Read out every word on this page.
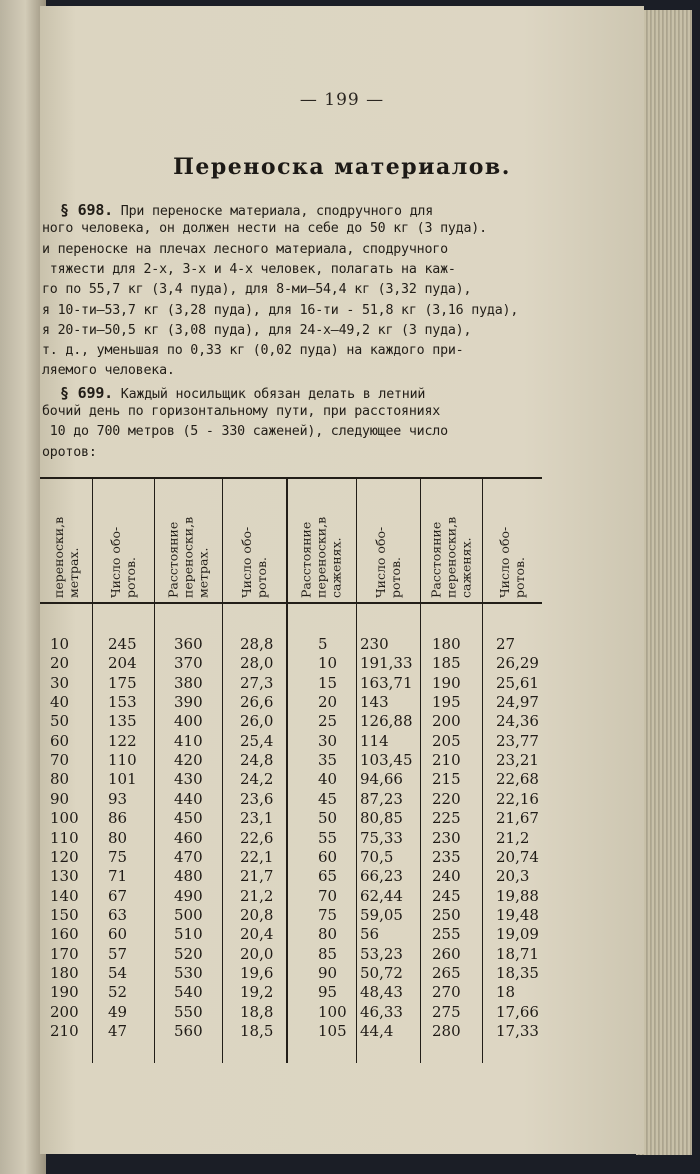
— 199 —
Переноска материалов.
§ 698. При переноске материала, сподручного для
ного человека, он должен нести на себе до 50 кг (3 пуда).
и переноске на плечах лесного материала, сподручного
тяжести для 2-х, 3-х и 4-х человек, полагать на каж-
го по 55,7 кг (3,4 пуда), для 8-ми—54,4 кг (3,32 пуда),
я 10-ти—53,7 кг (3,28 пуда), для 16-ти - 51,8 кг (3,16 пуда),
я 20-ти—50,5 кг (3,08 пуда), для 24-х—49,2 кг (3 пуда),
т. д., уменьшая по 0,33 кг (0,02 пуда) на каждого при-
ляемого человека.
§ 699. Каждый носильщик обязан делать в летний
бочий день по горизонтальному пути, при расстояниях
10 до 700 метров (5 - 330 саженей), следующее число
оротов:
переноски,в метрах. Число обо-ротов. Расстояние переноски,в метрах. Число обо-ротов. Расстояние переноски,в саженях. Число обо-ротов. Расстояние переноски,в саженях. Число обо-ротов.
10
20
30
40
50
60
70
80
90
100
110
120
130
140
150
160
170
180
190
200
210
245
204
175
153
135
122
110
101
93
86
80
75
71
67
63
60
57
54
52
49
47
360
370
380
390
400
410
420
430
440
450
460
470
480
490
500
510
520
530
540
550
560
28,8
28,0
27,3
26,6
26,0
25,4
24,8
24,2
23,6
23,1
22,6
22,1
21,7
21,2
20,8
20,4
20,0
19,6
19,2
18,8
18,5
5
10
15
20
25
30
35
40
45
50
55
60
65
70
75
80
85
90
95
100
105
230
191,33
163,71
143
126,88
114
103,45
94,66
87,23
80,85
75,33
70,5
66,23
62,44
59,05
56
53,23
50,72
48,43
46,33
44,4
180
185
190
195
200
205
210
215
220
225
230
235
240
245
250
255
260
265
270
275
280
27
26,29
25,61
24,97
24,36
23,77
23,21
22,68
22,16
21,67
21,2
20,74
20,3
19,88
19,48
19,09
18,71
18,35
18
17,66
17,33
